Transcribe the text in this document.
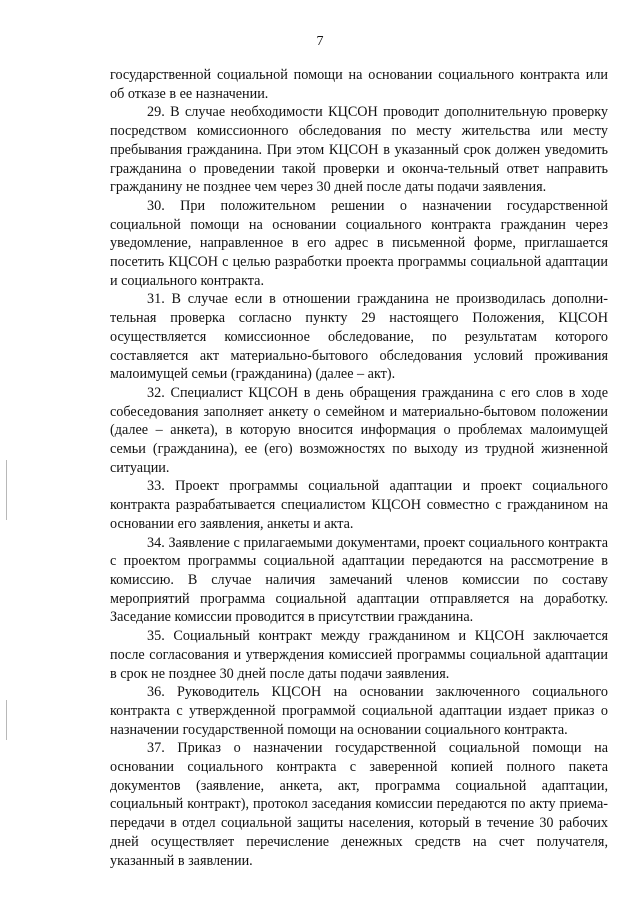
7

государственной социальной помощи на основании социального контракта или об отказе в ее назначении.

29. В случае необходимости КЦСОН проводит дополнительную проверку посредством комиссионного обследования по месту жительства или месту пребывания гражданина. При этом КЦСОН в указанный срок должен уведомить гражданина о проведении такой проверки и оконча-тельный ответ направить гражданину не позднее чем через 30 дней после даты подачи заявления.

30. При положительном решении о назначении государственной социальной помощи на основании социального контракта гражданин через уведомление, направленное в его адрес в письменной форме, приглашается посетить КЦСОН с целью разработки проекта программы социальной адаптации и социального контракта.

31. В случае если в отношении гражданина не производилась дополни-тельная проверка согласно пункту 29 настоящего Положения, КЦСОН осуществляется комиссионное обследование, по результатам которого составляется акт материально-бытового обследования условий проживания малоимущей семьи (гражданина) (далее – акт).

32. Специалист КЦСОН в день обращения гражданина с его слов в ходе собеседования заполняет анкету о семейном и материально-бытовом положении (далее – анкета), в которую вносится информация о проблемах малоимущей семьи (гражданина), ее (его) возможностях по выходу из трудной жизненной ситуации.

33. Проект программы социальной адаптации и проект социального контракта разрабатывается специалистом КЦСОН совместно с гражданином на основании его заявления, анкеты и акта.

34. Заявление с прилагаемыми документами, проект социального контракта с проектом программы социальной адаптации передаются на рассмотрение в комиссию. В случае наличия замечаний членов комиссии по составу мероприятий программа социальной адаптации отправляется на доработку. Заседание комиссии проводится в присутствии гражданина.

35. Социальный контракт между гражданином и КЦСОН заключается после согласования и утверждения комиссией программы социальной адаптации в срок не позднее 30 дней после даты подачи заявления.

36. Руководитель КЦСОН на основании заключенного социального контракта с утвержденной программой социальной адаптации издает приказ о назначении государственной помощи на основании социального контракта.

37. Приказ о назначении государственной социальной помощи на основании социального контракта с заверенной копией полного пакета документов (заявление, анкета, акт, программа социальной адаптации, социальный контракт), протокол заседания комиссии передаются по акту приема-передачи в отдел социальной защиты населения, который в течение 30 рабочих дней осуществляет перечисление денежных средств на счет получателя, указанный в заявлении.
